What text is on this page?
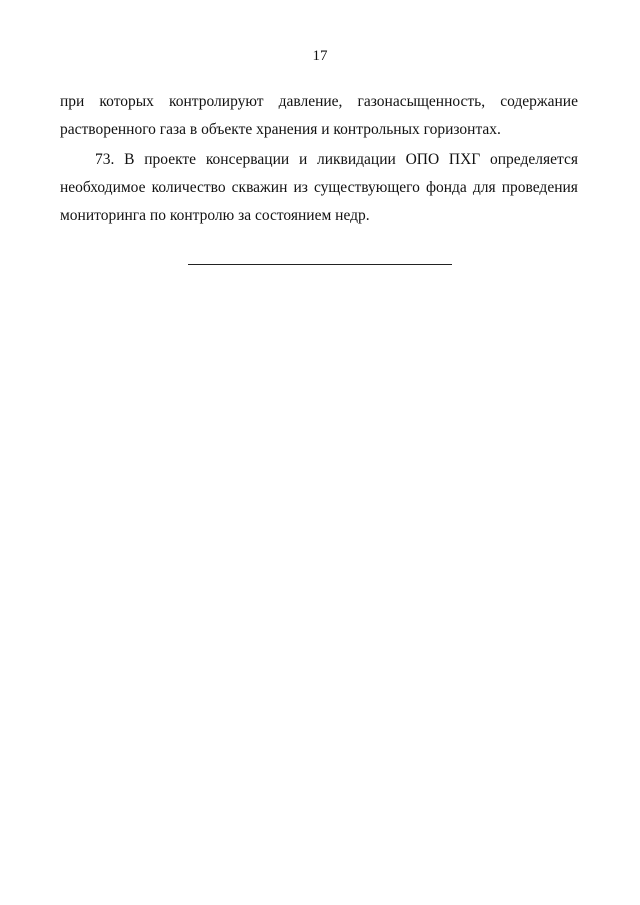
17
при которых контролируют давление, газонасыщенность, содержание
растворенного газа в объекте хранения и контрольных горизонтах.
73. В проекте консервации и ликвидации ОПО ПХГ определяется
необходимое количество скважин из существующего фонда для проведения
мониторинга по контролю за состоянием недр.
